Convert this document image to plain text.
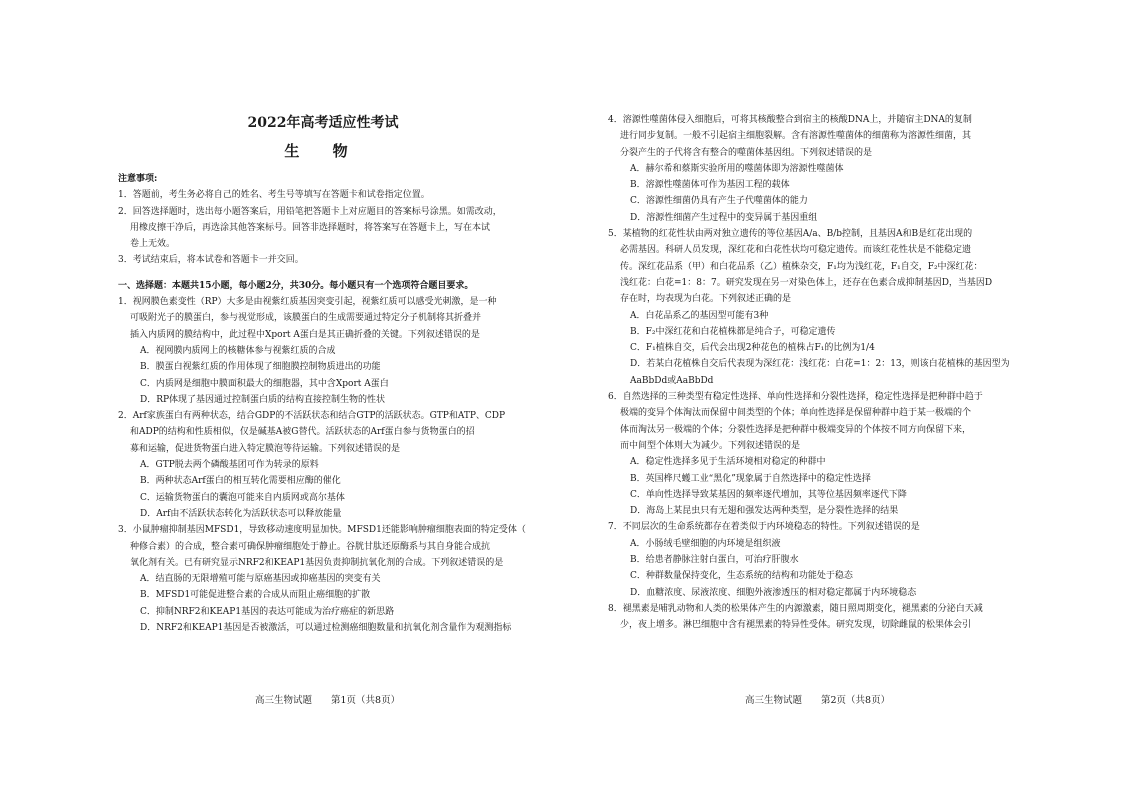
2022年高考适应性考试
生 物
注意事项:
1．答题前，考生务必将自己的姓名、考生号等填写在答题卡和试卷指定位置。
2．回答选择题时，选出每小题答案后，用铅笔把答题卡上对应题目的答案标号涂黑。如需改动，
用橡皮擦干净后，再选涂其他答案标号。回答非选择题时，将答案写在答题卡上，写在本试
卷上无效。
3．考试结束后，将本试卷和答题卡一并交回。
一、选择题：本题共15小题，每小题2分，共30分。每小题只有一个选项符合题目要求。
1．视网膜色素变性（RP）大多是由视紫红质基因突变引起，视紫红质可以感受光刺激，是一种
可吸附光子的膜蛋白，参与视觉形成，该膜蛋白的生成需要通过特定分子机制将其折叠并
插入内质网的膜结构中，此过程中Xport A蛋白是其正确折叠的关键。下列叙述错误的是
A．视网膜内质网上的核糖体参与视紫红质的合成
B．膜蛋白视紫红质的作用体现了细胞膜控制物质进出的功能
C．内质网是细胞中膜面积最大的细胞器，其中含Xport A蛋白
D．RP体现了基因通过控制蛋白质的结构直接控制生物的性状
2．Arf家族蛋白有两种状态，结合GDP的不活跃状态和结合GTP的活跃状态。GTP和ATP、CDP
和ADP的结构和性质相似，仅是碱基A被G替代。活跃状态的Arf蛋白参与货物蛋白的招
募和运输，促进货物蛋白进入特定膜泡等待运输。下列叙述错误的是
A．GTP脱去两个磷酸基团可作为转录的原料
B．两种状态Arf蛋白的相互转化需要相应酶的催化
C．运输货物蛋白的囊泡可能来自内质网或高尔基体
D．Arf由不活跃状态转化为活跃状态可以释放能量
3．小鼠肿瘤抑制基因MFSD1，导致移动速度明显加快。MFSD1还能影响肿瘤细胞表面的特定受体（
种修合素）的合成，整合素可确保肿瘤细胞处于静止。谷胱甘肽还原酶系与其自身能合成抗
氧化剂有关。已有研究显示NRF2和KEAP1基因负责抑制抗氧化剂的合成。下列叙述错误的是
A．结直肠的无限增殖可能与原癌基因或抑癌基因的突变有关
B．MFSD1可能促进整合素的合成从而阻止癌细胞的扩散
C．抑制NRF2和KEAP1基因的表达可能成为治疗癌症的新思路
D．NRF2和KEAP1基因是否被激活，可以通过检测癌细胞数量和抗氧化剂含量作为观测指标
4．溶源性噬菌体侵入细胞后，可将其核酸整合到宿主的核酸DNA上，并随宿主DNA的复制
进行同步复制。一般不引起宿主细胞裂解。含有溶源性噬菌体的细菌称为溶源性细菌，其
分裂产生的子代将含有整合的噬菌体基因组。下列叙述错误的是
A．赫尔希和蔡斯实验所用的噬菌体即为溶源性噬菌体
B．溶源性噬菌体可作为基因工程的载体
C．溶源性细菌仍具有产生子代噬菌体的能力
D．溶源性细菌产生过程中的变异属于基因重组
5．某植物的红花性状由两对独立遗传的等位基因A/a、B/b控制，且基因A和B是红花出现的
必需基因。科研人员发现，深红花和白花性状均可稳定遗传。而该红花性状是不能稳定遗
传。深红花品系（甲）和白花品系（乙）植株杂交，F₁均为浅红花，F₁自交，F₂中深红花：
浅红花：白花=1：8：7。研究发现在另一对染色体上，还存在色素合成抑制基因D，当基因D
存在时，均表现为白花。下列叙述正确的是
A．白花品系乙的基因型可能有3种
B．F₂中深红花和白花植株都是纯合子，可稳定遗传
C．F₁植株自交，后代会出现2种花色的植株占F₁的比例为1/4
D．若某白花植株自交后代表现为深红花：浅红花：白花=1：2：13，则该白花植株的基因型为
AaBbDd或AaBbDd
6．自然选择的三种类型有稳定性选择、单向性选择和分裂性选择，稳定性选择是把种群中趋于
极端的变异个体淘汰而保留中间类型的个体；单向性选择是保留种群中趋于某一极端的个
体而淘汰另一极端的个体；分裂性选择是把种群中极端变异的个体按不同方向保留下来，
而中间型个体则大为减少。下列叙述错误的是
A．稳定性选择多见于生活环境相对稳定的种群中
B．英国桦尺蠖工业“黑化”现象属于自然选择中的稳定性选择
C．单向性选择导致某基因的频率逐代增加，其等位基因频率逐代下降
D．海岛上某昆虫只有无翅和强发达两种类型，是分裂性选择的结果
7．不同层次的生命系统都存在着类似于内环境稳态的特性。下列叙述错误的是
A．小肠绒毛壁细胞的内环境是组织液
B．给患者静脉注射白蛋白，可治疗肝腹水
C．种群数量保持变化，生态系统的结构和功能处于稳态
D．血糖浓度、尿液浓度、细胞外液渗透压的相对稳定都属于内环境稳态
8．褪黑素是哺乳动物和人类的松果体产生的内源激素，随日照周期变化，褪黑素的分泌白天减
少，夜上增多。淋巴细胞中含有褪黑素的特异性受体。研究发现，切除雌鼠的松果体会引
高三生物试题　　第1页（共8页）	高三生物试题　　第2页（共8页）
